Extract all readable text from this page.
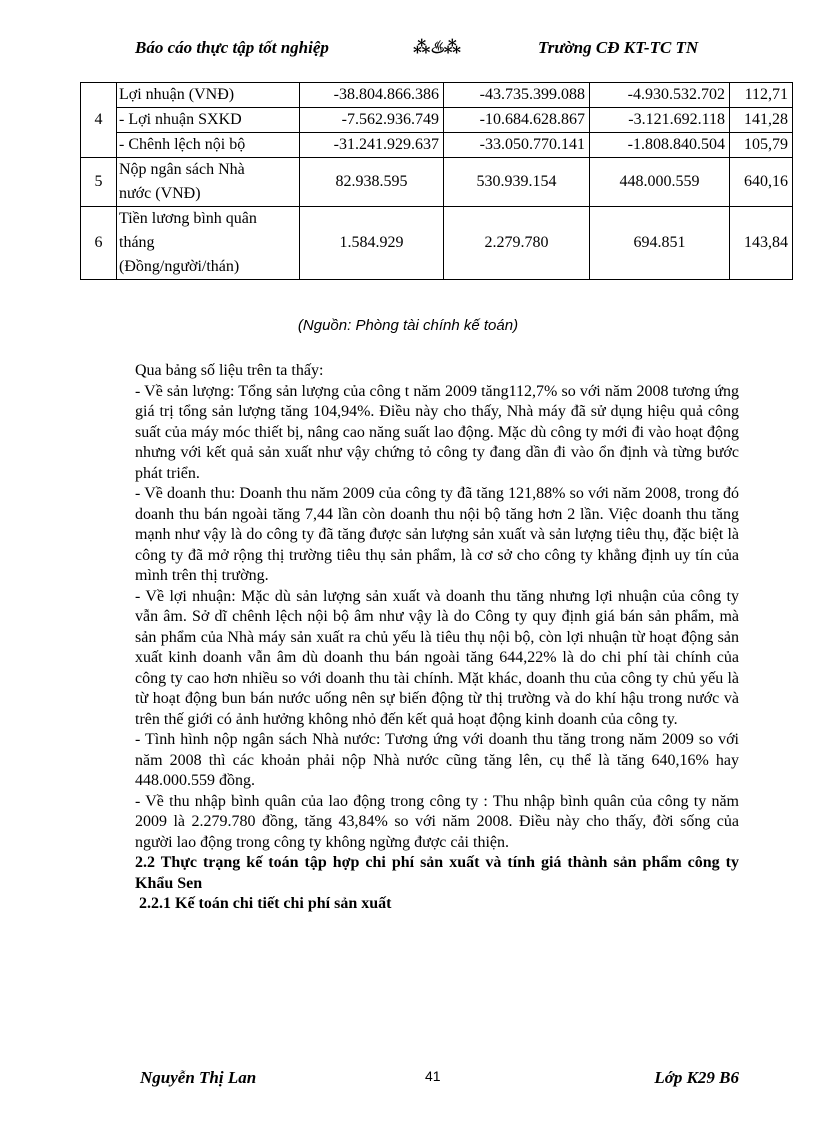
Báo cáo thực tập tốt nghiệp	⁂♨⁂	Trường CĐ KT-TC TN
4	Lợi nhuận (VNĐ)	-38.804.866.386	-43.735.399.088	-4.930.532.702	112,71
	- Lợi nhuận SXKD	-7.562.936.749	-10.684.628.867	-3.121.692.118	141,28
	- Chênh lệch nội bộ	-31.241.929.637	-33.050.770.141	-1.808.840.504	105,79
5	Nộp ngân sách Nhà
nước (VNĐ)	82.938.595	530.939.154	448.000.559	640,16
6	Tiền lương bình quân
tháng
(Đồng/người/thán)	1.584.929	2.279.780	694.851	143,84
(Nguồn: Phòng tài chính kế toán)

Qua bảng số liệu trên ta thấy:

- Về sản lượng: Tổng sản lượng của công t năm 2009 tăng112,7% so với năm 2008 tương ứng giá trị tổng sản lượng tăng 104,94%. Điều này cho thấy, Nhà máy đã sử dụng hiệu quả công suất của máy móc thiết bị, nâng cao năng suất lao động. Mặc dù công ty mới đi vào hoạt động nhưng với kết quả sản xuất như vậy chứng tỏ công ty đang dần đi vào ổn định và từng bước phát triển.

- Về doanh thu: Doanh thu năm 2009 của công ty đã tăng 121,88% so với năm 2008, trong đó doanh thu bán ngoài tăng 7,44 lần còn doanh thu nội bộ tăng hơn 2 lần. Việc doanh thu tăng mạnh như vậy là do công ty đã tăng được sản lượng sản xuất và sản lượng tiêu thụ, đặc biệt là công ty đã mở rộng thị trường tiêu thụ sản phẩm, là cơ sở cho công ty khẳng định uy tín của mình trên thị trường.

- Về lợi nhuận: Mặc dù sản lượng sản xuất và doanh thu tăng nhưng lợi nhuận của công ty vẫn âm. Sở dĩ chênh lệch nội bộ âm như vậy là do Công ty quy định giá bán sản phẩm, mà sản phẩm của Nhà máy sản xuất ra chủ yếu là tiêu thụ nội bộ, còn lợi nhuận từ hoạt động sản xuất kinh doanh vẫn âm dù doanh thu bán ngoài tăng 644,22% là do chi phí tài chính của công ty cao hơn nhiều so với doanh thu tài chính. Mặt khác, doanh thu của công ty chủ yếu là từ hoạt động bun bán nước uống nên sự biến động từ thị trường và do khí hậu trong nước và trên thế giới có ảnh hưởng không nhỏ đến kết quả hoạt động kinh doanh của công ty.

- Tình hình nộp ngân sách Nhà nước: Tương ứng với doanh thu tăng trong năm 2009 so với năm 2008 thì các khoản phải nộp Nhà nước cũng tăng lên, cụ thể là tăng 640,16% hay 448.000.559 đồng.

- Về thu nhập bình quân của lao động trong công ty : Thu nhập bình quân của công ty năm 2009 là 2.279.780 đồng, tăng 43,84% so với năm 2008. Điều này cho thấy, đời sống của người lao động trong công ty không ngừng được cải thiện.

2.2 Thực trạng kế toán tập hợp chi phí sản xuất và tính giá thành sản phẩm công ty Khẩu Sen

2.2.1 Kế toán chi tiết chi phí sản xuất

Nguyễn Thị Lan	41	Lớp K29 B6
